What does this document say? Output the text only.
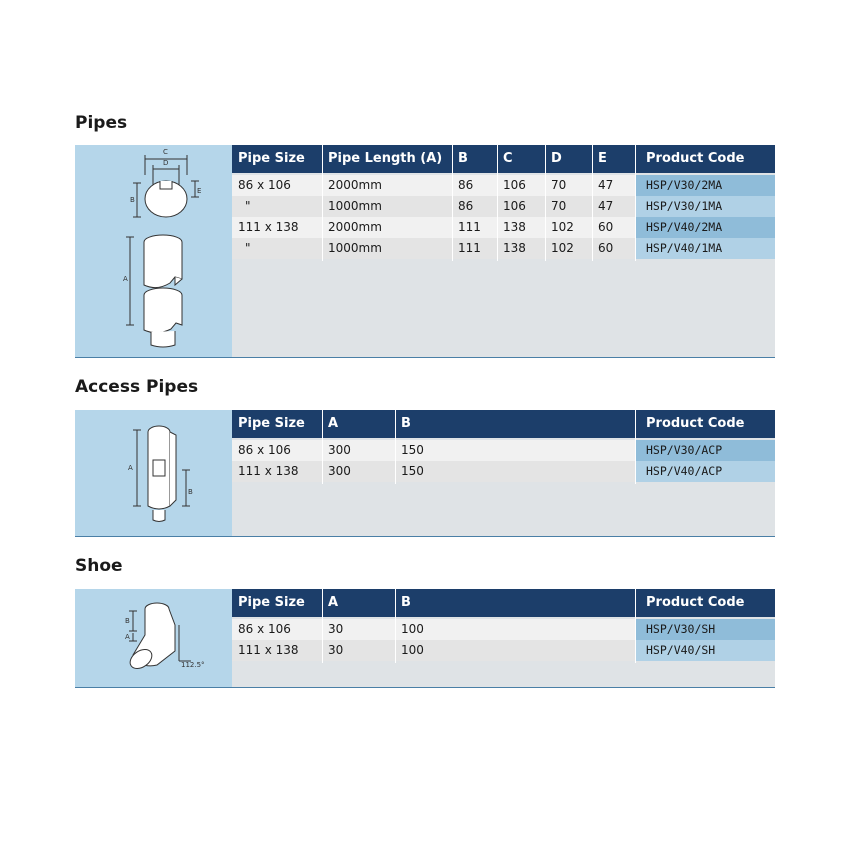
Pipes
C
D
B
E
A
Pipe Size	Pipe Length (A)	B	C	D	E	Product Code
86 x 106	2000mm	86	106	70	47	HSP/V30/2MA
"	1000mm	86	106	70	47	HSP/V30/1MA
111 x 138	2000mm	111	138	102	60	HSP/V40/2MA
"	1000mm	111	138	102	60	HSP/V40/1MA
Access Pipes
A
B
Pipe Size	A	B	Product Code
86 x 106	300	150	HSP/V30/ACP
111 x 138	300	150	HSP/V40/ACP
Shoe
B
A
112.5°
Pipe Size	A	B	Product Code
86 x 106	30	100	HSP/V30/SH
111 x 138	30	100	HSP/V40/SH
